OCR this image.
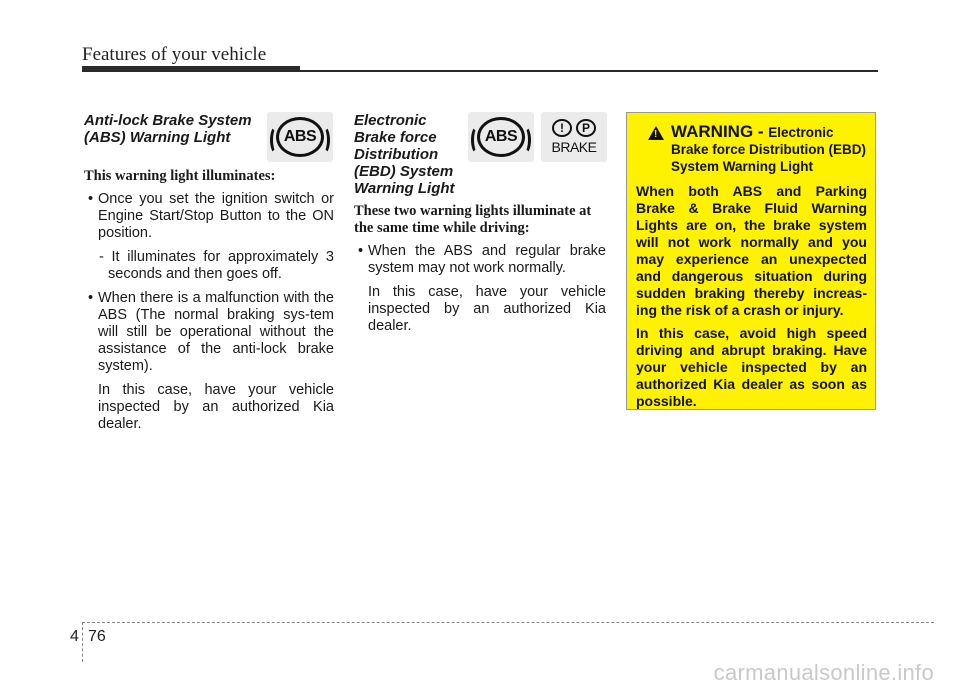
Features of your vehicle

Anti-lock Brake System
(ABS) Warning Light

This warning light illuminates:

• Once you set the ignition switch or Engine Start/Stop Button to the ON position.

- It illuminates for approximately 3 seconds and then goes off.

• When there is a malfunction with the ABS (The normal braking sys-tem will still be operational without the assistance of the anti-lock brake system).

In this case, have your vehicle inspected by an authorized Kia dealer.

ABS

Electronic
Brake force
Distribution
(EBD) System
Warning Light

These two warning lights illuminate at the same time while driving:

• When the ABS and regular brake system may not work normally.

In this case, have your vehicle inspected by an authorized Kia dealer.

ABS	!	P
BRAKE
! WARNING - Electronic
Brake force Distribution (EBD) System Warning Light

When both ABS and Parking Brake & Brake Fluid Warning Lights are on, the brake system will not work normally and you may experience an unexpected and dangerous situation during sudden braking thereby increas-ing the risk of a crash or injury.

In this case, avoid high speed driving and abrupt braking. Have your vehicle inspected by an authorized Kia dealer as soon as possible.

4 76
carmanualsonline.info
